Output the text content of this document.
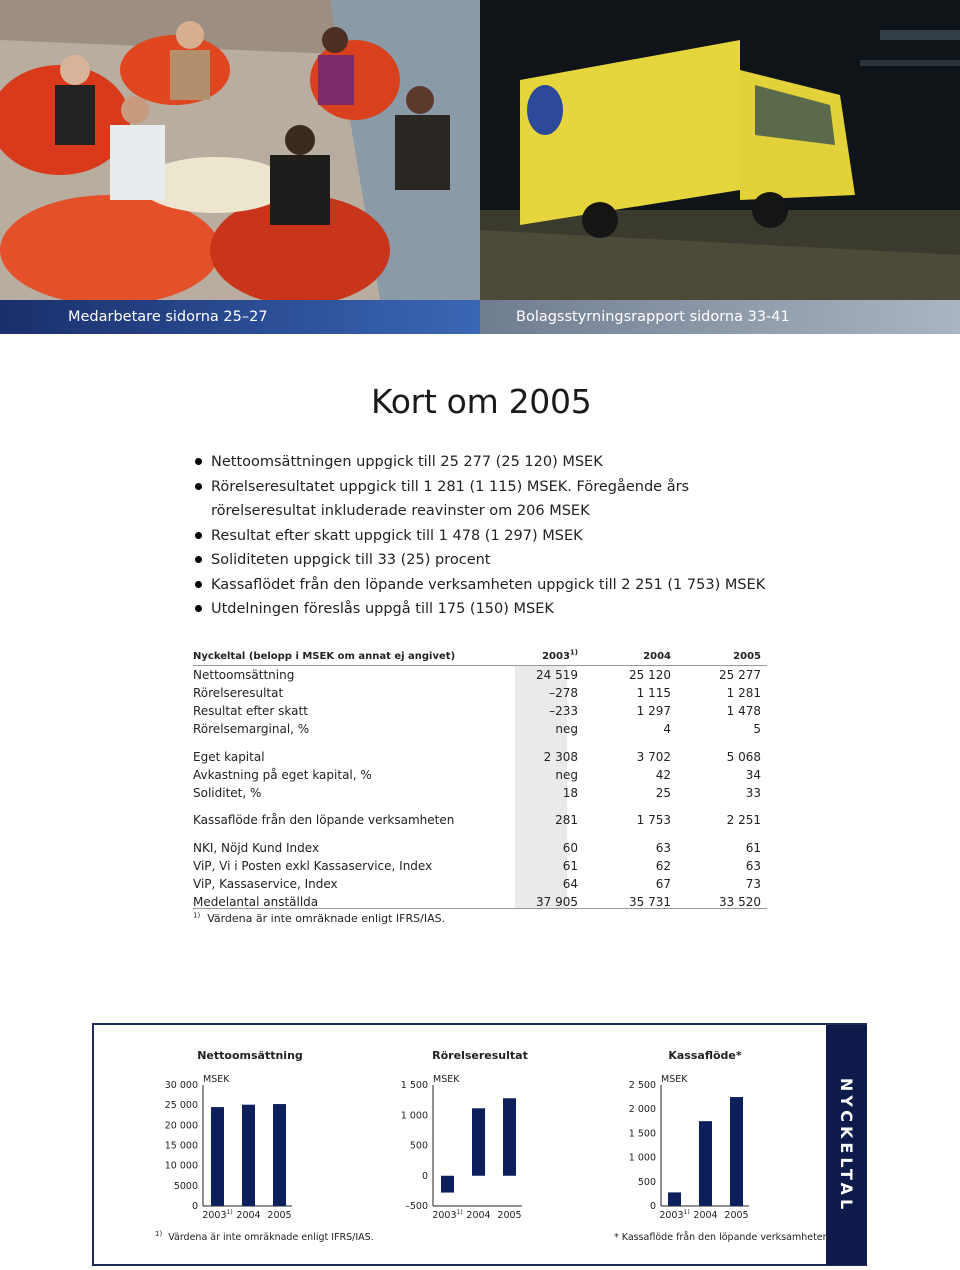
Medarbetare sidorna 25–27	Bolagsstyrningsrapport sidorna 33-41
Kort om 2005
Nettoomsättningen uppgick till 25 277 (25 120) MSEK
Rörelseresultatet uppgick till 1 281 (1 115) MSEK. Föregående års rörelseresultat inkluderade reavinster om 206 MSEK
Resultat efter skatt uppgick till 1 478 (1 297) MSEK
Soliditeten uppgick till 33 (25) procent
Kassaflödet från den löpande verksamheten uppgick till 2 251 (1 753) MSEK
Utdelningen föreslås uppgå till 175 (150) MSEK
Nyckeltal (belopp i MSEK om annat ej angivet)	2003$^{1)}$	2004	2005
Nettoomsättning	24 519	25 120	25 277
Rörelseresultat	–278	1 115	1 281
Resultat efter skatt	–233	1 297	1 478
Rörelsemarginal, %	neg	4	5
Eget kapital	2 308	3 702	5 068
Avkastning på eget kapital, %	neg	42	34
Soliditet, %	18	25	33
Kassaflöde från den löpande verksamheten	281	1 753	2 251
NKI, Nöjd Kund Index	60	63	61
ViP, Vi i Posten exkl Kassaservice, Index	61	62	63
ViP, Kassaservice, Index	64	67	73
Medelantal anställda	37 905	35 731	33 520
$^{1)}$ Värdena är inte omräknade enligt IFRS/IAS.
NYCKELTAL
Nettoomsättning
MSEK
0
5000
10 000
15 000
20 000
25 000
30 000
2003$^{1)}$ 2004 2005
Rörelseresultat
MSEK
–500
0
500
1 000
1 500
2003$^{1)}$ 2004 2005
Kassaflöde*
MSEK
0
500
1 000
1 500
2 000
2 500
2003$^{1)}$ 2004 2005
$^{1)}$ Värdena är inte omräknade enligt IFRS/IAS.	* Kassaflöde från den löpande verksamheten.
